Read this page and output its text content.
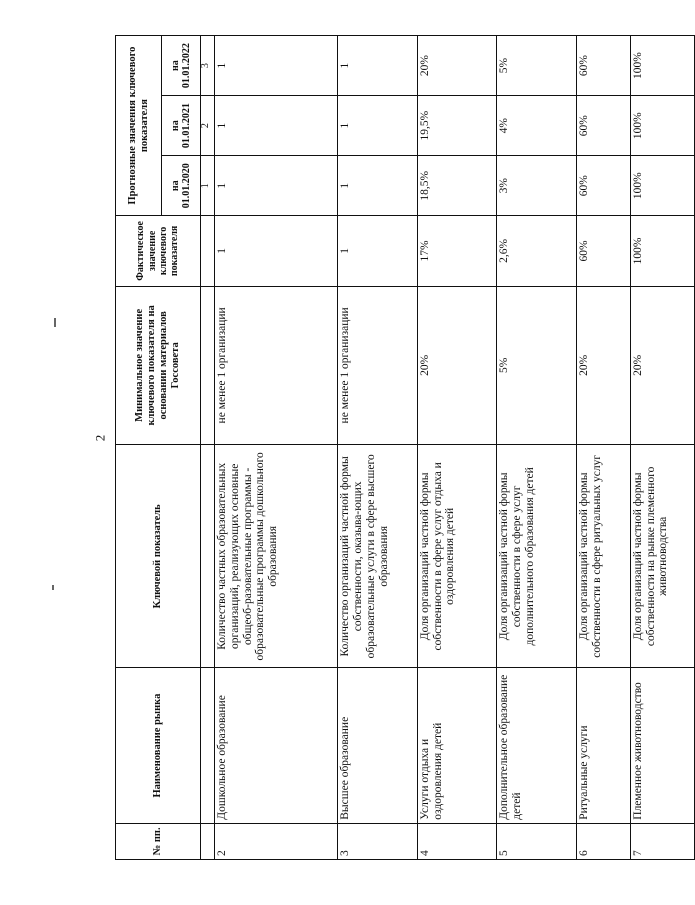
2
№ пп.	Наименование рынка	Ключевой показатель	Минимальное значение ключевого показателя на основании материалов Госсовета	Фактическое значение ключевого показателя	Прогнозные значения ключевого показателя		
					на 01.01.2020	на 01.01.2021	на 01.01.2022
					1	2	3
2	Дошкольное образование	Количество частных образовательных организаций, реализующих основные общеоб-разовательные программы - образовательные программы дошкольного образования	не менее 1 организации	1	1	1	1
3	Высшее образование	Количество организаций частной формы собственности, оказыва-ющих образовательные услуги в сфере высшего образования	не менее 1 организации	1	1	1	1
4	Услуги отдыха и оздоровления детей	Доля организаций частной формы собственности в сфере услуг отдыха и оздоровления детей	20%	17%	18,5%	19,5%	20%
5	Дополнительное образование детей	Доля организаций частной формы собственности в сфере услуг дополнительного образования детей	5%	2,6%	3%	4%	5%
6	Ритуальные услуги	Доля организаций частной формы собственности в сфере ритуальных услуг	20%	60%	60%	60%	60%
7	Племенное животноводство	Доля организаций частной формы собственности на рынке племенного животноводства	20%	100%	100%	100%	100%
